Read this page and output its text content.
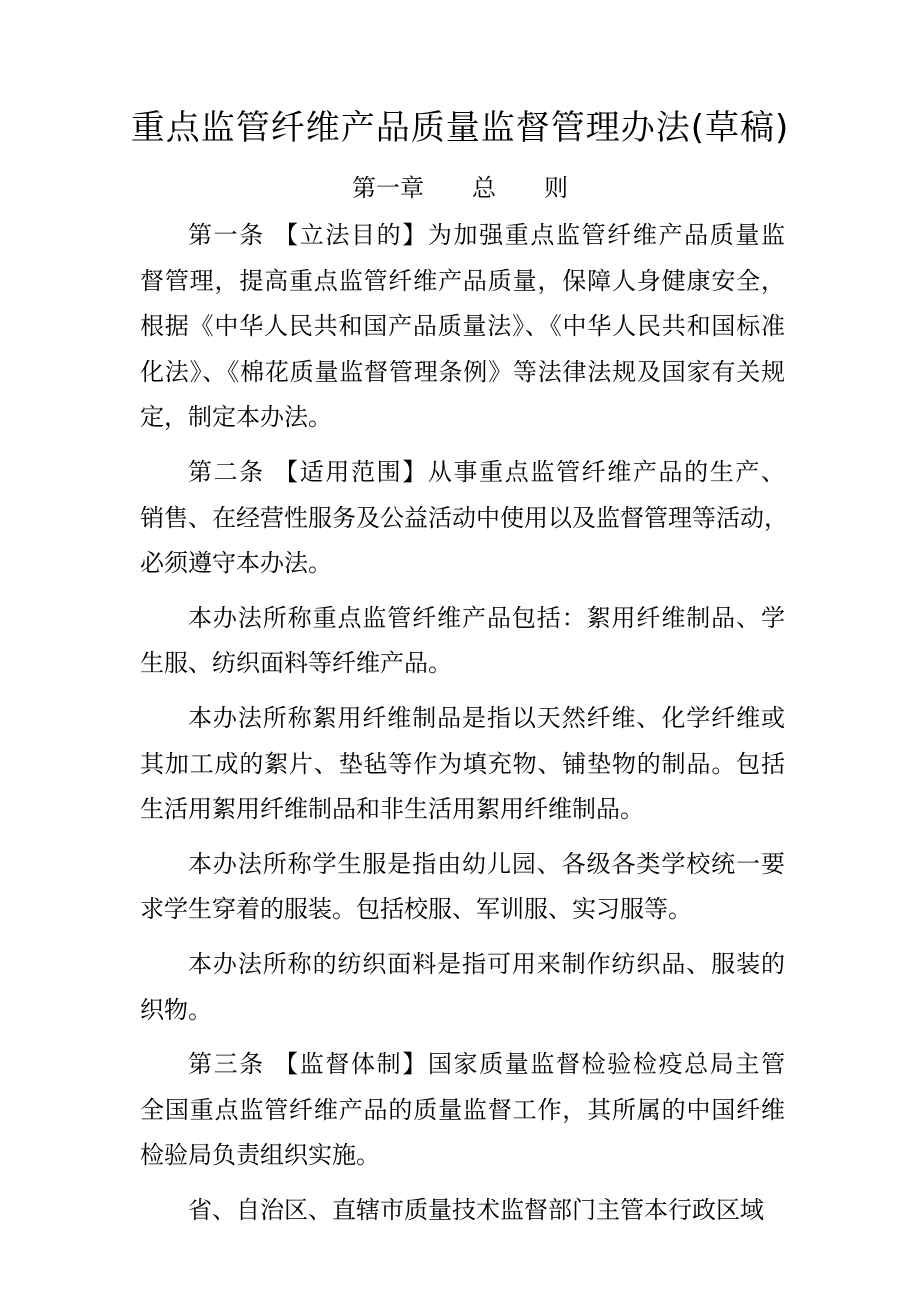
重点监管纤维产品质量监督管理办法(草稿)
第一章　　总　　则
第一条 【立法目的】为加强重点监管纤维产品质量监
督管理，提高重点监管纤维产品质量，保障人身健康安全，
根据《中华人民共和国产品质量法》、《中华人民共和国标准
化法》、《棉花质量监督管理条例》等法律法规及国家有关规
定，制定本办法。
第二条 【适用范围】从事重点监管纤维产品的生产、
销售、在经营性服务及公益活动中使用以及监督管理等活动，
必须遵守本办法。
本办法所称重点监管纤维产品包括：絮用纤维制品、学
生服、纺织面料等纤维产品。
本办法所称絮用纤维制品是指以天然纤维、化学纤维或
其加工成的絮片、垫毡等作为填充物、铺垫物的制品。包括
生活用絮用纤维制品和非生活用絮用纤维制品。
本办法所称学生服是指由幼儿园、各级各类学校统一要
求学生穿着的服装。包括校服、军训服、实习服等。
本办法所称的纺织面料是指可用来制作纺织品、服装的
织物。
第三条 【监督体制】国家质量监督检验检疫总局主管
全国重点监管纤维产品的质量监督工作，其所属的中国纤维
检验局负责组织实施。
省、自治区、直辖市质量技术监督部门主管本行政区域
